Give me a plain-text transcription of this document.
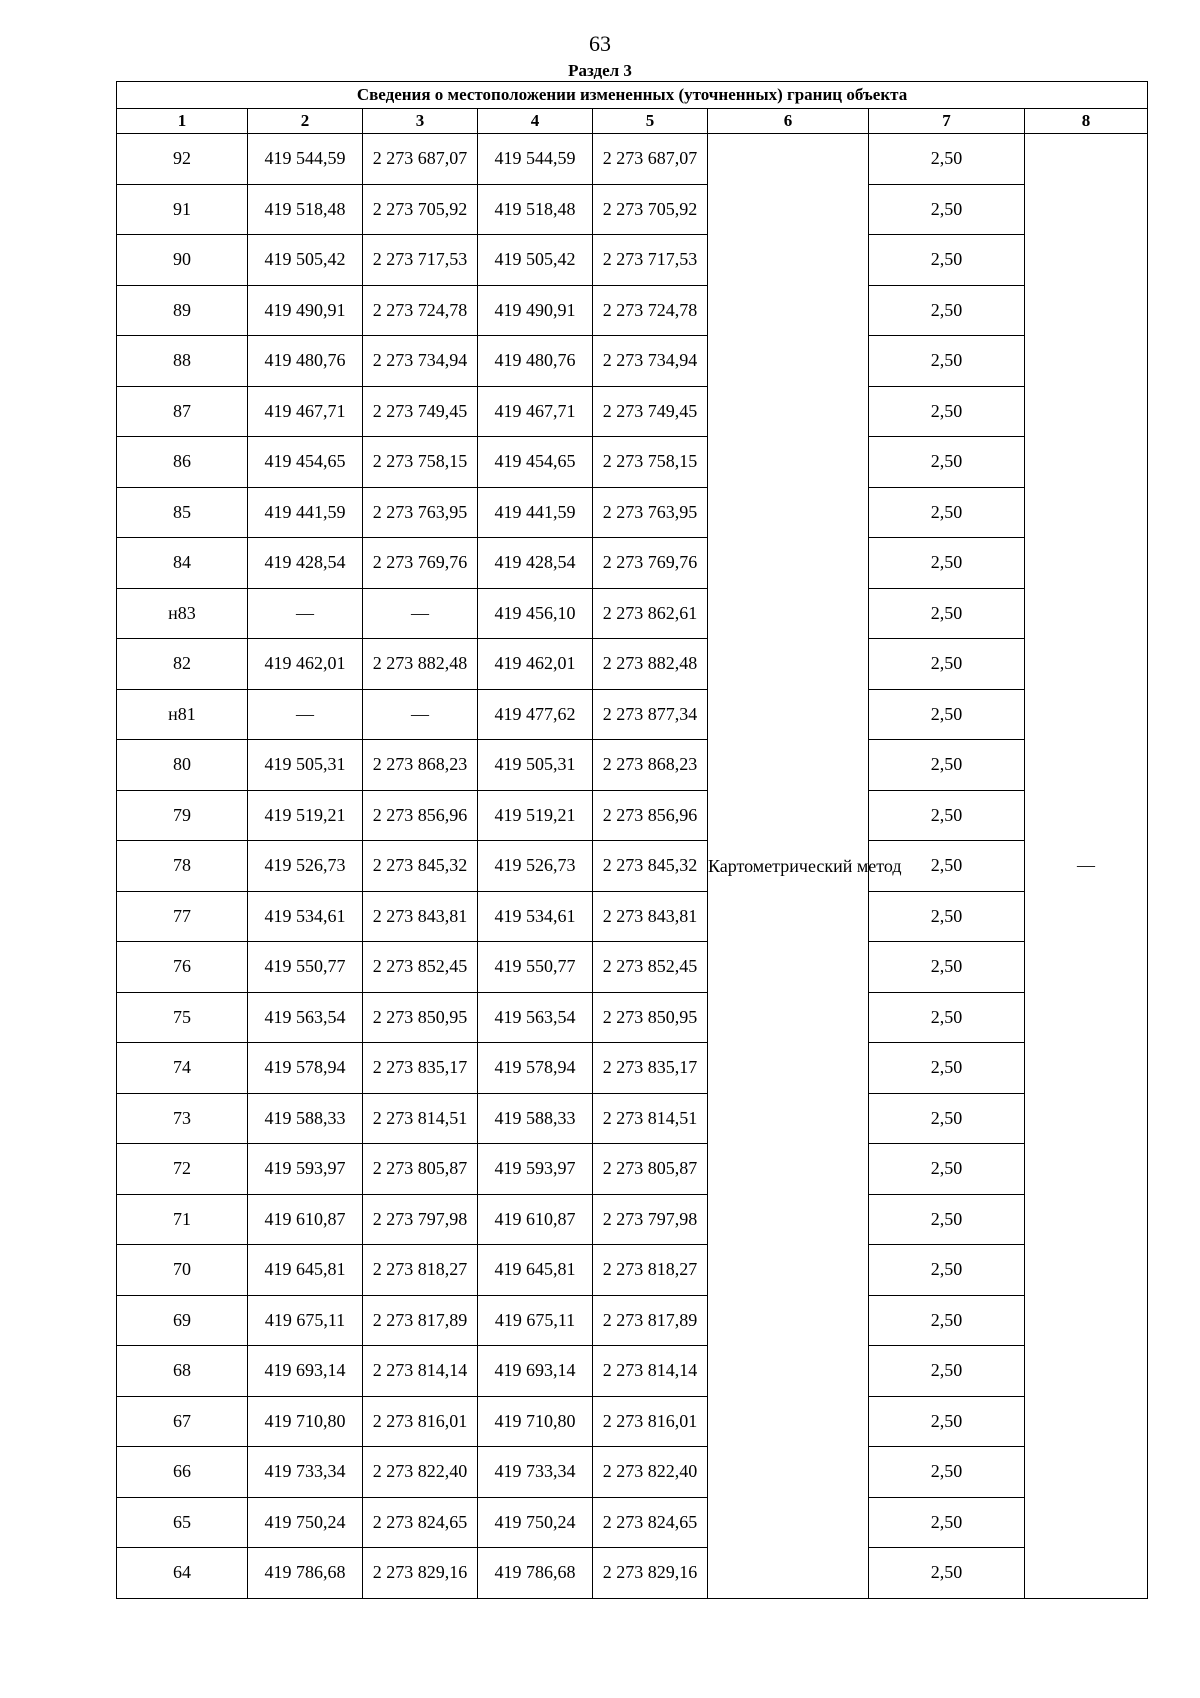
63
Раздел 3
Сведения о местоположении измененных (уточненных) границ объекта							
1	2	3	4	5	6	7	8
92	419 544,59	2 273 687,07	419 544,59	2 273 687,07	Картометрический метод	2,50	—
91	419 518,48	2 273 705,92	419 518,48	2 273 705,92		2,50	
90	419 505,42	2 273 717,53	419 505,42	2 273 717,53		2,50	
89	419 490,91	2 273 724,78	419 490,91	2 273 724,78		2,50	
88	419 480,76	2 273 734,94	419 480,76	2 273 734,94		2,50	
87	419 467,71	2 273 749,45	419 467,71	2 273 749,45		2,50	
86	419 454,65	2 273 758,15	419 454,65	2 273 758,15		2,50	
85	419 441,59	2 273 763,95	419 441,59	2 273 763,95		2,50	
84	419 428,54	2 273 769,76	419 428,54	2 273 769,76		2,50	
н83	—	—	419 456,10	2 273 862,61		2,50	
82	419 462,01	2 273 882,48	419 462,01	2 273 882,48		2,50	
н81	—	—	419 477,62	2 273 877,34		2,50	
80	419 505,31	2 273 868,23	419 505,31	2 273 868,23		2,50	
79	419 519,21	2 273 856,96	419 519,21	2 273 856,96		2,50	
78	419 526,73	2 273 845,32	419 526,73	2 273 845,32		2,50	
77	419 534,61	2 273 843,81	419 534,61	2 273 843,81		2,50	
76	419 550,77	2 273 852,45	419 550,77	2 273 852,45		2,50	
75	419 563,54	2 273 850,95	419 563,54	2 273 850,95		2,50	
74	419 578,94	2 273 835,17	419 578,94	2 273 835,17		2,50	
73	419 588,33	2 273 814,51	419 588,33	2 273 814,51		2,50	
72	419 593,97	2 273 805,87	419 593,97	2 273 805,87		2,50	
71	419 610,87	2 273 797,98	419 610,87	2 273 797,98		2,50	
70	419 645,81	2 273 818,27	419 645,81	2 273 818,27		2,50	
69	419 675,11	2 273 817,89	419 675,11	2 273 817,89		2,50	
68	419 693,14	2 273 814,14	419 693,14	2 273 814,14		2,50	
67	419 710,80	2 273 816,01	419 710,80	2 273 816,01		2,50	
66	419 733,34	2 273 822,40	419 733,34	2 273 822,40		2,50	
65	419 750,24	2 273 824,65	419 750,24	2 273 824,65		2,50	
64	419 786,68	2 273 829,16	419 786,68	2 273 829,16		2,50	
